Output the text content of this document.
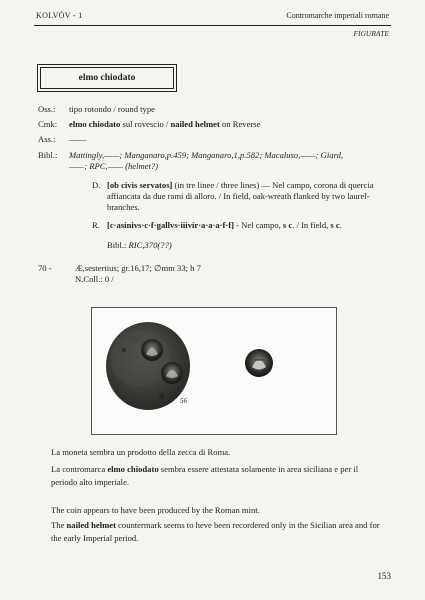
KOLVÓV - 1	Contromarche imperiali romane
FIGURATE
elmo chiodato
Oss.: tipo rotondo / round type
Cmk: elmo chiodato sul rovescio / nailed helmet on Reverse
Ass.: ——
Bibl.: Mattingly,——; Manganaro,p.459; Manganaro,1,p.582; Macaluso,——; Giard,
——; RPC,—— (helmet?)
D. [ob civis servatos] (in tre linee / three lines) — Nel campo, corona di quercia affiancata da due rami di alloro. / In field, oak-wreath flanked by two laurel-branches.
R. [c·asinivs·c·f·gallvs·iiivir·a·a·a·f·f] - Nel campo, s c. / In field, s c.
Bibl.: RIC,370(??)
70 -	Æ,sestertius; gr.16,17; ∅mm 33; h 7
N.Coll.: 0 /
56
La moneta sembra un prodotto della zecca di Roma.
La contromarca elmo chiodato sembra essere attestata solamente in area siciliana e per il periodo alto imperiale.
The coin appears to have been produced by the Roman mint.
The nailed helmet countermark seems to heve been recordered only in the Sicilian area and for the early Imperial period.
153
